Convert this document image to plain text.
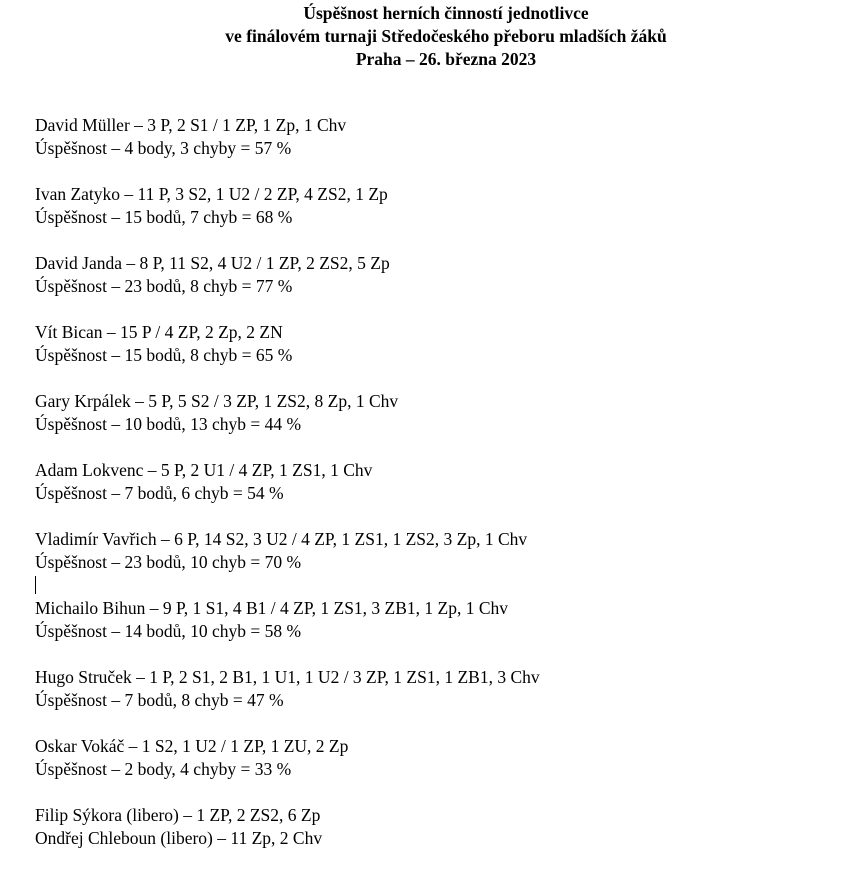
Úspěšnost herních činností jednotlivce
ve finálovém turnaji Středočeského přeboru mladších žáků
Praha – 26. března 2023
David Müller – 3 P, 2 S1 / 1 ZP, 1 Zp, 1 Chv
Úspěšnost – 4 body, 3 chyby = 57 %
Ivan Zatyko – 11 P, 3 S2, 1 U2 / 2 ZP, 4 ZS2, 1 Zp
Úspěšnost – 15 bodů, 7 chyb = 68 %
David Janda – 8 P, 11 S2, 4 U2 / 1 ZP, 2 ZS2, 5 Zp
Úspěšnost – 23 bodů, 8 chyb = 77 %
Vít Bican – 15 P / 4 ZP, 2 Zp, 2 ZN
Úspěšnost – 15 bodů, 8 chyb = 65 %
Gary Krpálek – 5 P, 5 S2 / 3 ZP, 1 ZS2, 8 Zp, 1 Chv
Úspěšnost – 10 bodů, 13 chyb = 44 %
Adam Lokvenc – 5 P, 2 U1 / 4 ZP, 1 ZS1, 1 Chv
Úspěšnost – 7 bodů, 6 chyb = 54 %
Vladimír Vavřich – 6 P, 14 S2, 3 U2 / 4 ZP, 1 ZS1, 1 ZS2, 3 Zp, 1 Chv
Úspěšnost – 23 bodů, 10 chyb = 70 %
Michailo Bihun – 9 P, 1 S1, 4 B1 / 4 ZP, 1 ZS1, 3 ZB1, 1 Zp, 1 Chv
Úspěšnost – 14 bodů, 10 chyb = 58 %
Hugo Struček – 1 P, 2 S1, 2 B1, 1 U1, 1 U2 / 3 ZP, 1 ZS1, 1 ZB1, 3 Chv
Úspěšnost – 7 bodů, 8 chyb = 47 %
Oskar Vokáč – 1 S2, 1 U2 / 1 ZP, 1 ZU, 2 Zp
Úspěšnost – 2 body, 4 chyby = 33 %
Filip Sýkora (libero) – 1 ZP, 2 ZS2, 6 Zp
Ondřej Chleboun (libero) – 11 Zp, 2 Chv
